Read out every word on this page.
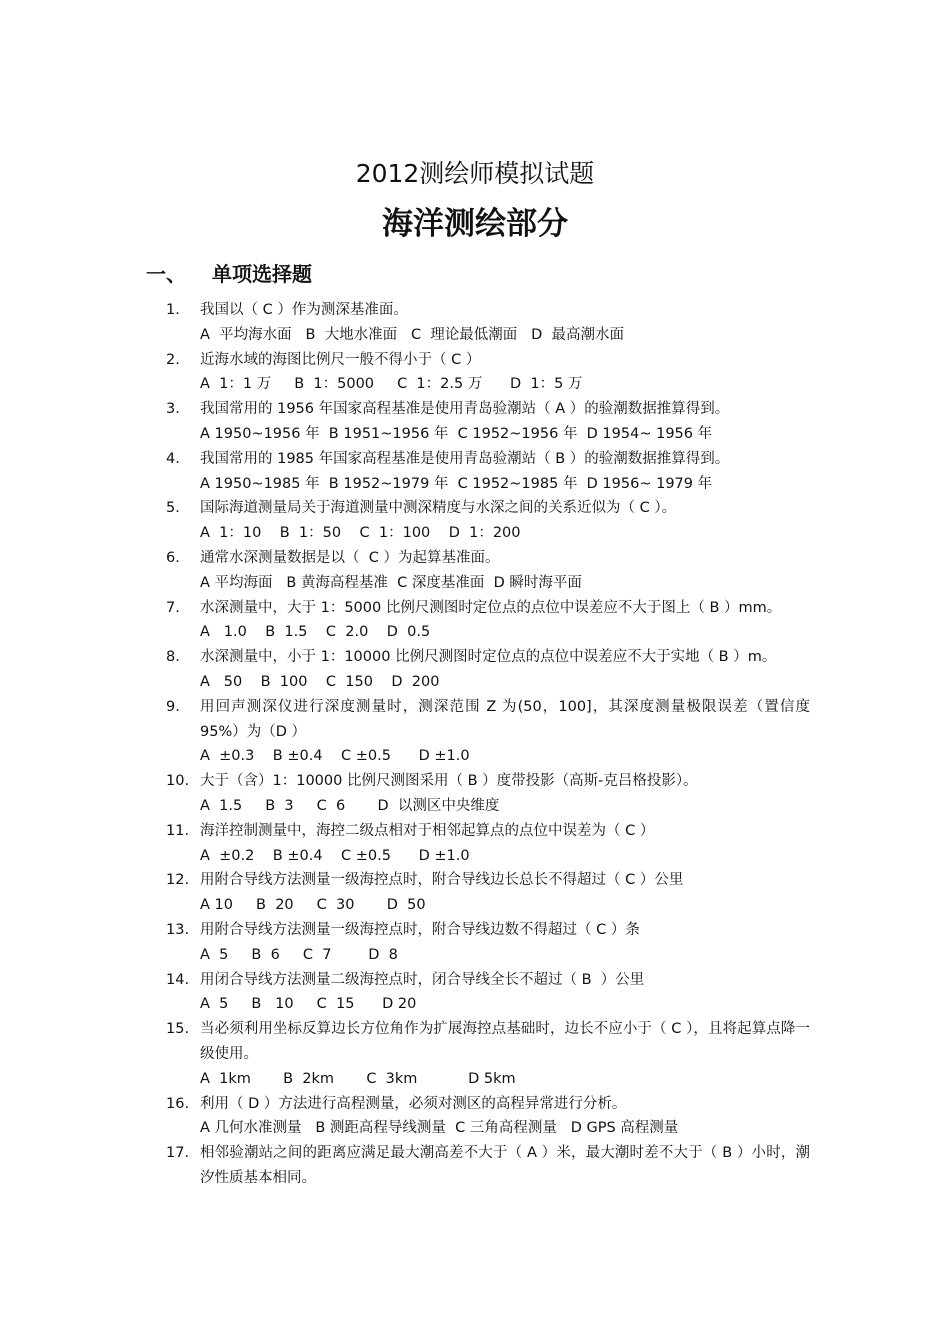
2012测绘师模拟试题
海洋测绘部分
一、 单项选择题
1.	我国以（ C ）作为测深基准面。
A  平均海水面   B  大地水准面   C  理论最低潮面   D  最高潮水面
2.	近海水域的海图比例尺一般不得小于（ C ）
A  1：1 万     B  1：5000     C  1：2.5 万      D  1：5 万
3.	我国常用的 1956 年国家高程基准是使用青岛验潮站（ A ）的验潮数据推算得到。
A 1950~1956 年  B 1951~1956 年  C 1952~1956 年  D 1954~ 1956 年
4.	我国常用的 1985 年国家高程基准是使用青岛验潮站（ B ）的验潮数据推算得到。
A 1950~1985 年  B 1952~1979 年  C 1952~1985 年  D 1956~ 1979 年
5.	国际海道测量局关于海道测量中测深精度与水深之间的关系近似为（ C ）。
A  1：10    B  1：50    C  1：100    D  1：200
6.	通常水深测量数据是以（  C ）为起算基准面。
A 平均海面   B 黄海高程基准  C 深度基准面  D 瞬时海平面
7.	水深测量中，大于 1：5000 比例尺测图时定位点的点位中误差应不大于图上（ B ）mm。
A   1.0    B  1.5    C  2.0    D  0.5
8.	水深测量中，小于 1：10000 比例尺测图时定位点的点位中误差应不大于实地（ B ）m。
A   50    B  100    C  150    D  200
9.	用回声测深仪进行深度测量时，测深范围 Z 为(50，100]，其深度测量极限误差（置信度 95%）为（D ）
A  ±0.3    B ±0.4    C ±0.5      D ±1.0
10. 大于（含）1：10000 比例尺测图采用（ B ）度带投影（高斯-克吕格投影）。
A  1.5     B  3     C  6       D  以测区中央维度
11. 海洋控制测量中，海控二级点相对于相邻起算点的点位中误差为（ C ）
A  ±0.2    B ±0.4    C ±0.5      D ±1.0
12. 用附合导线方法测量一级海控点时，附合导线边长总长不得超过（ C ）公里
A 10     B  20     C  30       D  50
13. 用附合导线方法测量一级海控点时，附合导线边数不得超过（ C ）条
A  5     B  6     C  7        D  8
14. 用闭合导线方法测量二级海控点时，闭合导线全长不超过（ B  ）公里
A  5     B   10     C  15      D 20
15. 当必须利用坐标反算边长方位角作为扩展海控点基础时，边长不应小于（ C ），且将起算点降一级使用。
A  1km       B  2km       C  3km           D 5km
16. 利用（ D ）方法进行高程测量，必须对测区的高程异常进行分析。
A 几何水准测量   B 测距高程导线测量  C 三角高程测量   D GPS 高程测量
17. 相邻验潮站之间的距离应满足最大潮高差不大于（ A ）米，最大潮时差不大于（ B ）小时，潮汐性质基本相同。
